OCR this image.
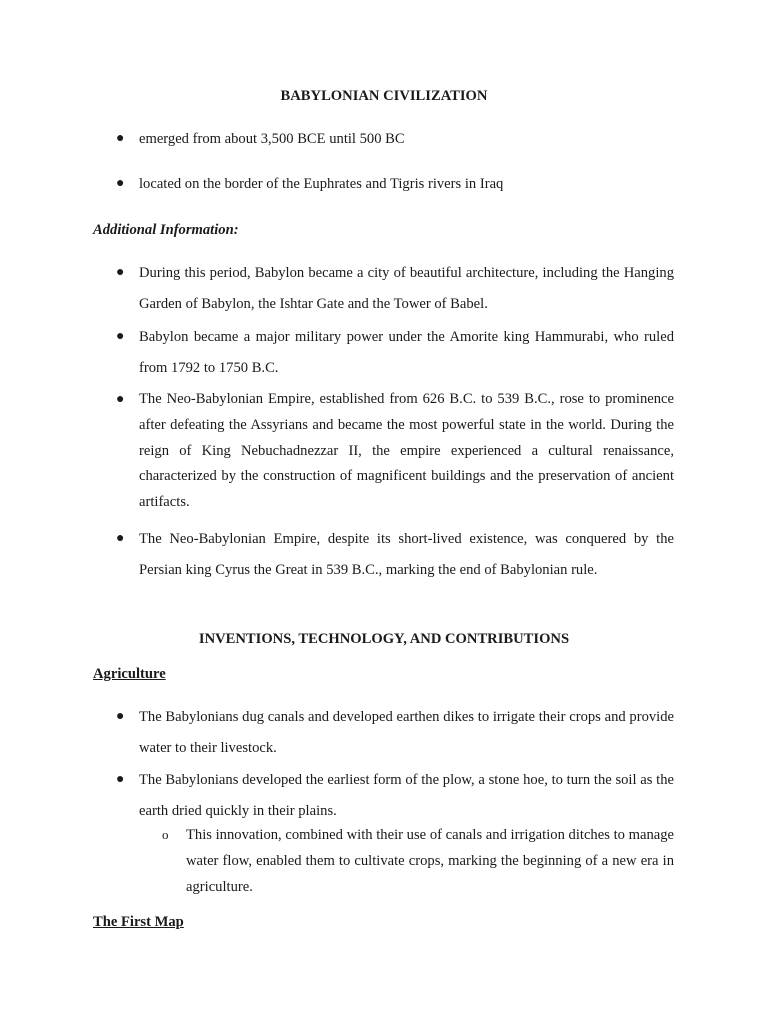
BABYLONIAN CIVILIZATION
● emerged from about 3,500 BCE until 500 BC
● located on the border of the Euphrates and Tigris rivers in Iraq
Additional Information:
● During this period, Babylon became a city of beautiful architecture, including the Hanging Garden of Babylon, the Ishtar Gate and the Tower of Babel.
● Babylon became a major military power under the Amorite king Hammurabi, who ruled from 1792 to 1750 B.C.
● The Neo-Babylonian Empire, established from 626 B.C. to 539 B.C., rose to prominence after defeating the Assyrians and became the most powerful state in the world. During the reign of King Nebuchadnezzar II, the empire experienced a cultural renaissance, characterized by the construction of magnificent buildings and the preservation of ancient artifacts.
● The Neo-Babylonian Empire, despite its short-lived existence, was conquered by the Persian king Cyrus the Great in 539 B.C., marking the end of Babylonian rule.
INVENTIONS, TECHNOLOGY, AND CONTRIBUTIONS
Agriculture
● The Babylonians dug canals and developed earthen dikes to irrigate their crops and provide water to their livestock.
● The Babylonians developed the earliest form of the plow, a stone hoe, to turn the soil as the earth dried quickly in their plains.
o This innovation, combined with their use of canals and irrigation ditches to manage water flow, enabled them to cultivate crops, marking the beginning of a new era in agriculture.
The First Map
